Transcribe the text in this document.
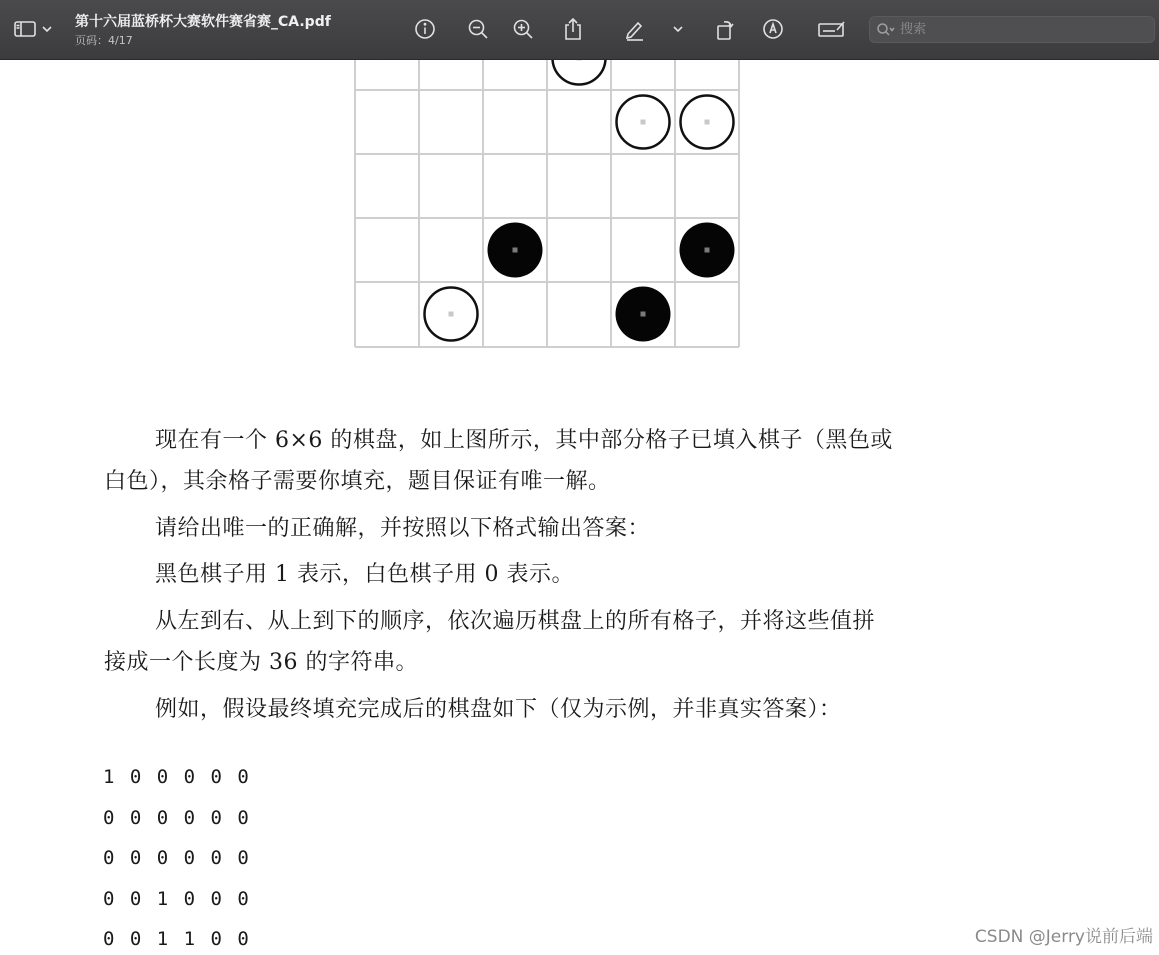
第十六届蓝桥杯大赛软件赛省赛_CA.pdf
页码：4/17
搜索
现在有一个 6×6 的棋盘，如上图所示，其中部分格子已填入棋子（黑色或
白色），其余格子需要你填充，题目保证有唯一解。
请给出唯一的正确解，并按照以下格式输出答案：
黑色棋子用 1 表示，白色棋子用 0 表示。
从左到右、从上到下的顺序，依次遍历棋盘上的所有格子，并将这些值拼
接成一个长度为 36 的字符串。
例如，假设最终填充完成后的棋盘如下（仅为示例，并非真实答案）：
1 0 0 0 0 0
0 0 0 0 0 0
0 0 0 0 0 0
0 0 1 0 0 0
0 0 1 1 0 0	CSDN @Jerry说前后端
